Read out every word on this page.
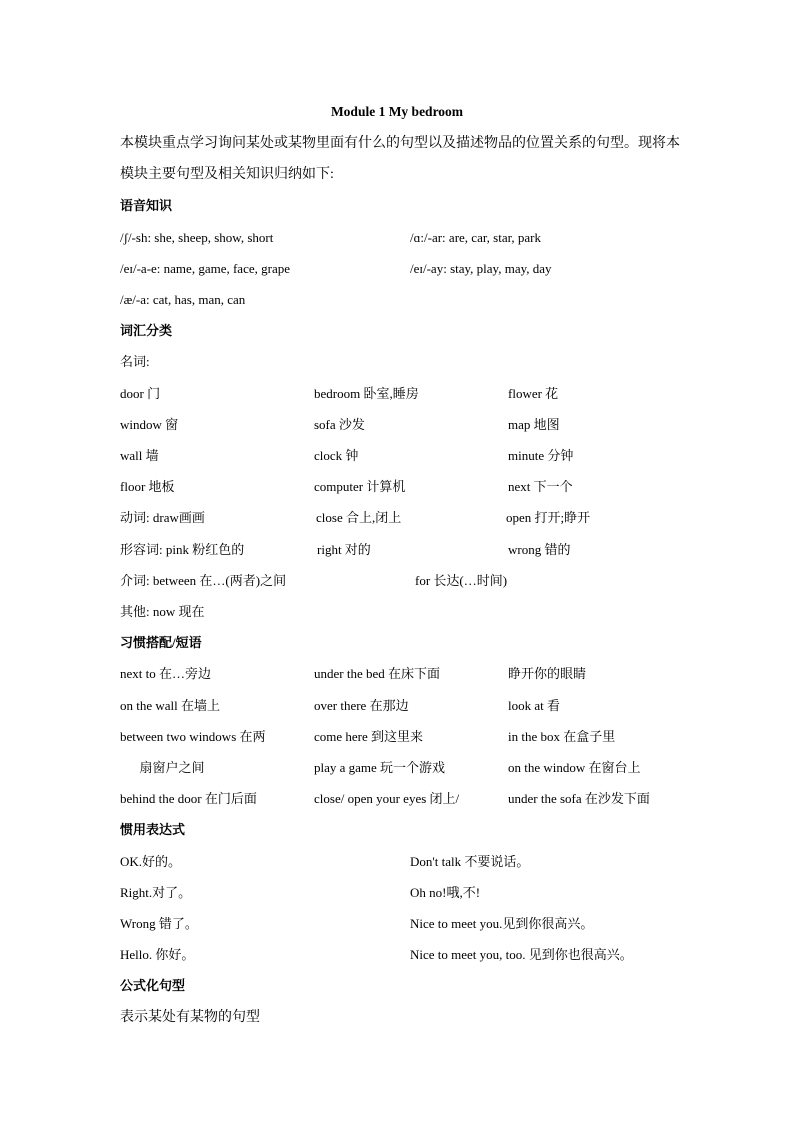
Module 1 My bedroom
本模块重点学习询问某处或某物里面有什么的句型以及描述物品的位置关系的句型。现将本模块主要句型及相关知识归纳如下:
语音知识
/ʃ/-sh: she, sheep, show, short	/ɑ:/-ar: are, car, star, park
/eɪ/-a-e: name, game, face, grape	/eɪ/-ay: stay, play, may, day
/æ/-a: cat, has, man, can
词汇分类
名词:
door 门	bedroom 卧室,睡房	flower 花
window 窗	sofa 沙发	map 地图
wall 墙	clock 钟	minute 分钟
floor 地板	computer 计算机	next 下一个
动词: draw画画	close 合上,闭上	open 打开;睁开
形容词: pink 粉红色的	right 对的	wrong 错的
介词: between 在…(两者)之间	for 长达(…时间)
其他: now 现在
习惯搭配/短语
next to 在…旁边	under the bed 在床下面	睁开你的眼睛
on the wall 在墙上	over there 在那边	look at 看
between two windows 在两	come here 到这里来	in the box 在盒子里
扇窗户之间	play a game 玩一个游戏	on the window 在窗台上
behind the door 在门后面	close/ open your eyes 闭上/	under the sofa 在沙发下面
惯用表达式
OK.好的。	Don't talk 不要说话。
Right.对了。	Oh no!哦,不!
Wrong 错了。	Nice to meet you.见到你很高兴。
Hello. 你好。	Nice to meet you, too. 见到你也很高兴。
公式化句型
表示某处有某物的句型
